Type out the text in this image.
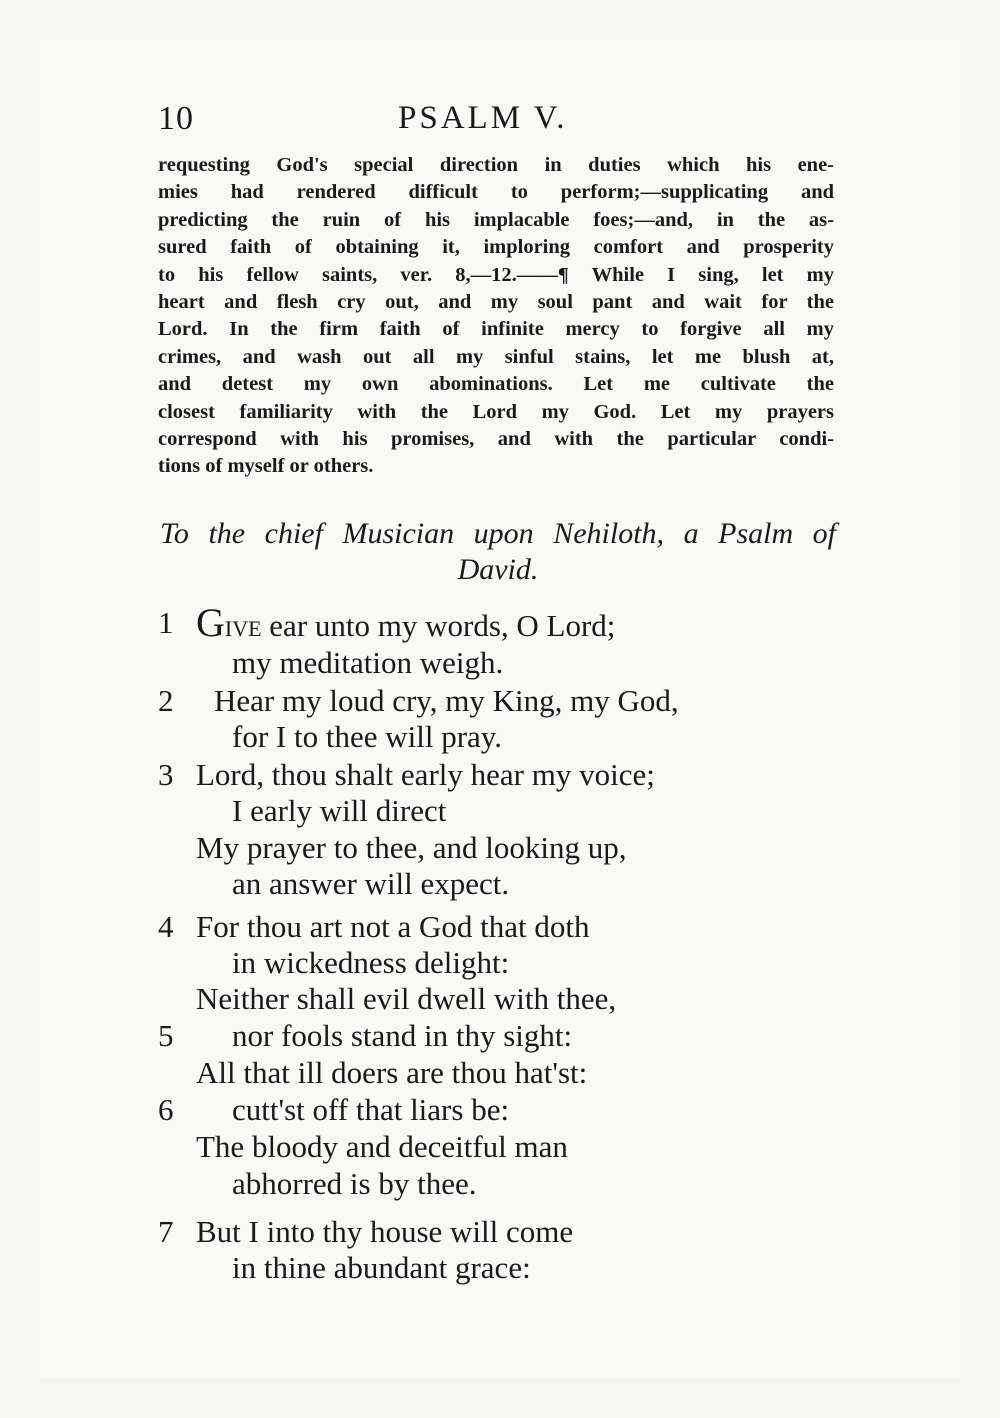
10	PSALM V.
requesting God's special direction in duties which his ene-
mies had rendered difficult to perform;—supplicating and
predicting the ruin of his implacable foes;—and, in the as-
sured faith of obtaining it, imploring comfort and prosperity
to his fellow saints, ver. 8,—12.——¶ While I sing, let my
heart and flesh cry out, and my soul pant and wait for the
Lord. In the firm faith of infinite mercy to forgive all my
crimes, and wash out all my sinful stains, let me blush at,
and detest my own abominations. Let me cultivate the
closest familiarity with the Lord my God. Let my prayers
correspond with his promises, and with the particular condi-
tions of myself or others.
To the chief Musician upon Nehiloth, a Psalm of
David.
1 Give ear unto my words, O Lord;
my meditation weigh.
2	Hear my loud cry, my King, my God,
for I to thee will pray.
3 Lord, thou shalt early hear my voice;
I early will direct
My prayer to thee, and looking up,
an answer will expect.
4 For thou art not a God that doth
in wickedness delight:
Neither shall evil dwell with thee,
5	nor fools stand in thy sight:
All that ill doers are thou hat'st:
6	cutt'st off that liars be:
The bloody and deceitful man
abhorred is by thee.
7 But I into thy house will come
in thine abundant grace:
